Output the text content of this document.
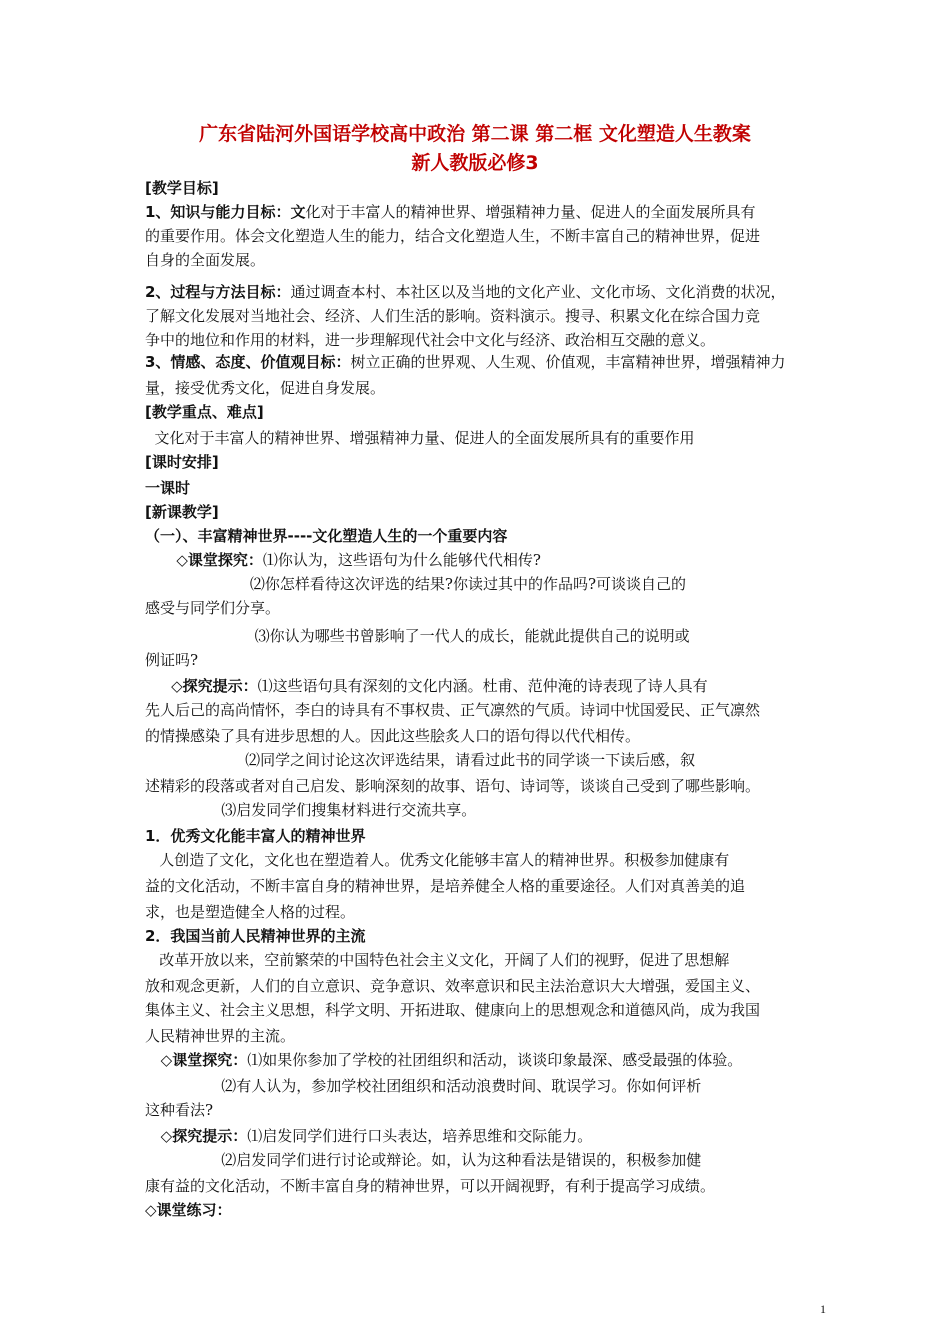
广东省陆河外国语学校高中政治 第二课 第二框 文化塑造人生教案
新人教版必修3
[教学目标]
1、知识与能力目标：文化对于丰富人的精神世界、增强精神力量、促进人的全面发展所具有
的重要作用。体会文化塑造人生的能力，结合文化塑造人生，不断丰富自己的精神世界，促进
自身的全面发展。
2、过程与方法目标：通过调查本村、本社区以及当地的文化产业、文化市场、文化消费的状况，
了解文化发展对当地社会、经济、人们生活的影响。资料演示。搜寻、积累文化在综合国力竞
争中的地位和作用的材料，进一步理解现代社会中文化与经济、政治相互交融的意义。
3、情感、态度、价值观目标：树立正确的世界观、人生观、价值观，丰富精神世界，增强精神力
量，接受优秀文化，促进自身发展。
[教学重点、难点]
文化对于丰富人的精神世界、增强精神力量、促进人的全面发展所具有的重要作用
[课时安排]
一课时
[新课教学]
（一）、丰富精神世界----文化塑造人生的一个重要内容
◇课堂探究：⑴你认为，这些语句为什么能够代代相传?
⑵你怎样看待这次评选的结果?你读过其中的作品吗?可谈谈自己的
感受与同学们分享。
⑶你认为哪些书曾影响了一代人的成长，能就此提供自己的说明或
例证吗?
◇探究提示：⑴这些语句具有深刻的文化内涵。杜甫、范仲淹的诗表现了诗人具有
先人后己的高尚情怀，李白的诗具有不事权贵、正气凛然的气质。诗词中忧国爱民、正气凛然
的情操感染了具有进步思想的人。因此这些脍炙人口的语句得以代代相传。
⑵同学之间讨论这次评选结果，请看过此书的同学谈一下读后感，叙
述精彩的段落或者对自己启发、影响深刻的故事、语句、诗词等，谈谈自己受到了哪些影响。
⑶启发同学们搜集材料进行交流共享。
1．优秀文化能丰富人的精神世界
人创造了文化，文化也在塑造着人。优秀文化能够丰富人的精神世界。积极参加健康有
益的文化活动，不断丰富自身的精神世界，是培养健全人格的重要途径。人们对真善美的追
求，也是塑造健全人格的过程。
2．我国当前人民精神世界的主流
改革开放以来，空前繁荣的中国特色社会主义文化，开阔了人们的视野，促进了思想解
放和观念更新，人们的自立意识、竞争意识、效率意识和民主法治意识大大增强，爱国主义、
集体主义、社会主义思想，科学文明、开拓进取、健康向上的思想观念和道德风尚，成为我国
人民精神世界的主流。
◇课堂探究：⑴如果你参加了学校的社团组织和活动，谈谈印象最深、感受最强的体验。
⑵有人认为，参加学校社团组织和活动浪费时间、耽误学习。你如何评析
这种看法?
◇探究提示：⑴启发同学们进行口头表达，培养思维和交际能力。
⑵启发同学们进行讨论或辩论。如，认为这种看法是错误的，积极参加健
康有益的文化活动，不断丰富自身的精神世界，可以开阔视野，有利于提高学习成绩。
◇课堂练习：
1
